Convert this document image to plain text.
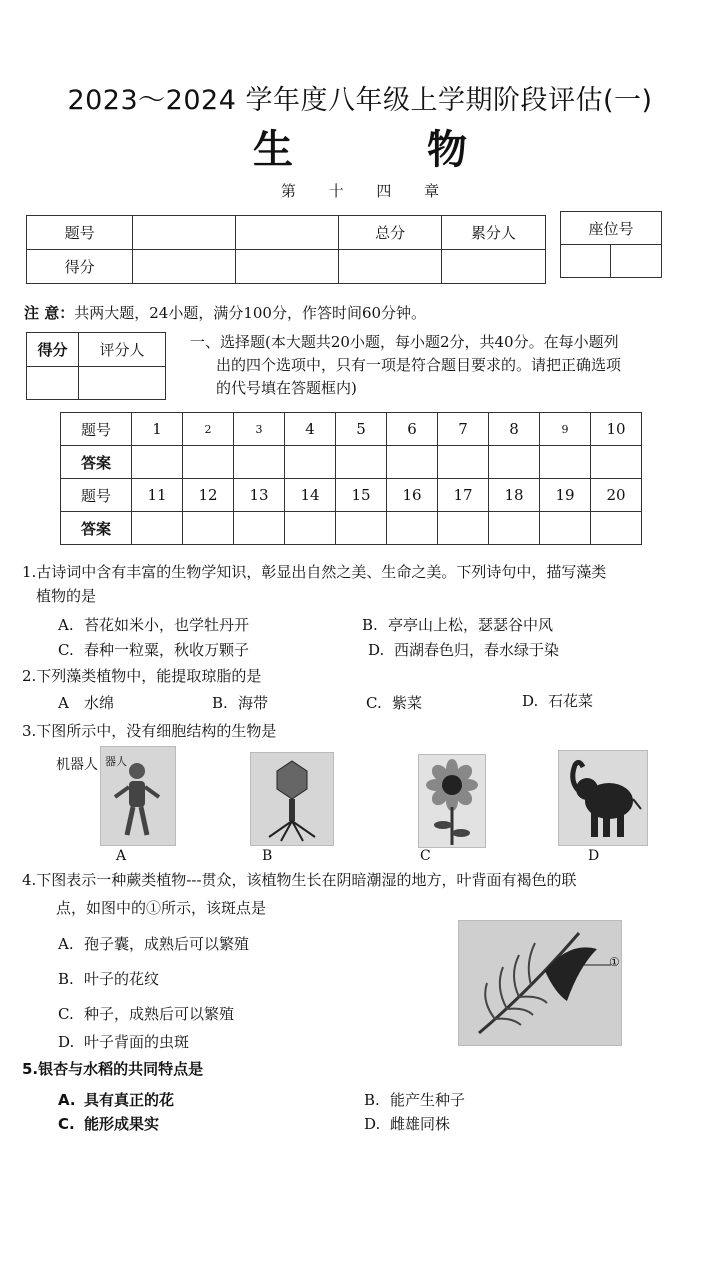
2023～2024 学年度八年级上学期阶段评估(一)
生 物
第 十 四 章
题号			总分	累分人
得分				
座位号

注 意：共两大题，24小题，满分100分，作答时间60分钟。
得分	评分人
		一、选择题(本大题共20小题，每小题2分，共40分。在每小题列
出的四个选项中，只有一项是符合题目要求的。请把正确选项
的代号填在答题框内)
题号	1	2	3	4	5	6	7	8	9	10
答案										
题号	11	12	13	14	15	16	17	18	19	20
答案										
1.古诗词中含有丰富的生物学知识，彰显出自然之美、生命之美。下列诗句中，描写藻类
植物的是
A. 苔花如米小，也学牡丹开	B. 亭亭山上松，瑟瑟谷中风
C. 春种一粒粟，秋收万颗子	D. 西湖春色归，春水绿于染
2.下列藻类植物中，能提取琼脂的是
A 水绵	B. 海带	C. 紫菜	D. 石花菜
3.下图所示中，没有细胞结构的生物是
机器人 器人
A	B	C	D
4.下图表示一种蕨类植物---贯众，该植物生长在阴暗潮湿的地方，叶背面有褐色的联
点，如图中的①所示，该斑点是
A. 孢子囊，成熟后可以繁殖
B. 叶子的花纹
C. 种子，成熟后可以繁殖
D. 叶子背面的虫斑
①
5.银杏与水稻的共同特点是
A. 具有真正的花	B. 能产生种子
C. 能形成果实	D. 雌雄同株
